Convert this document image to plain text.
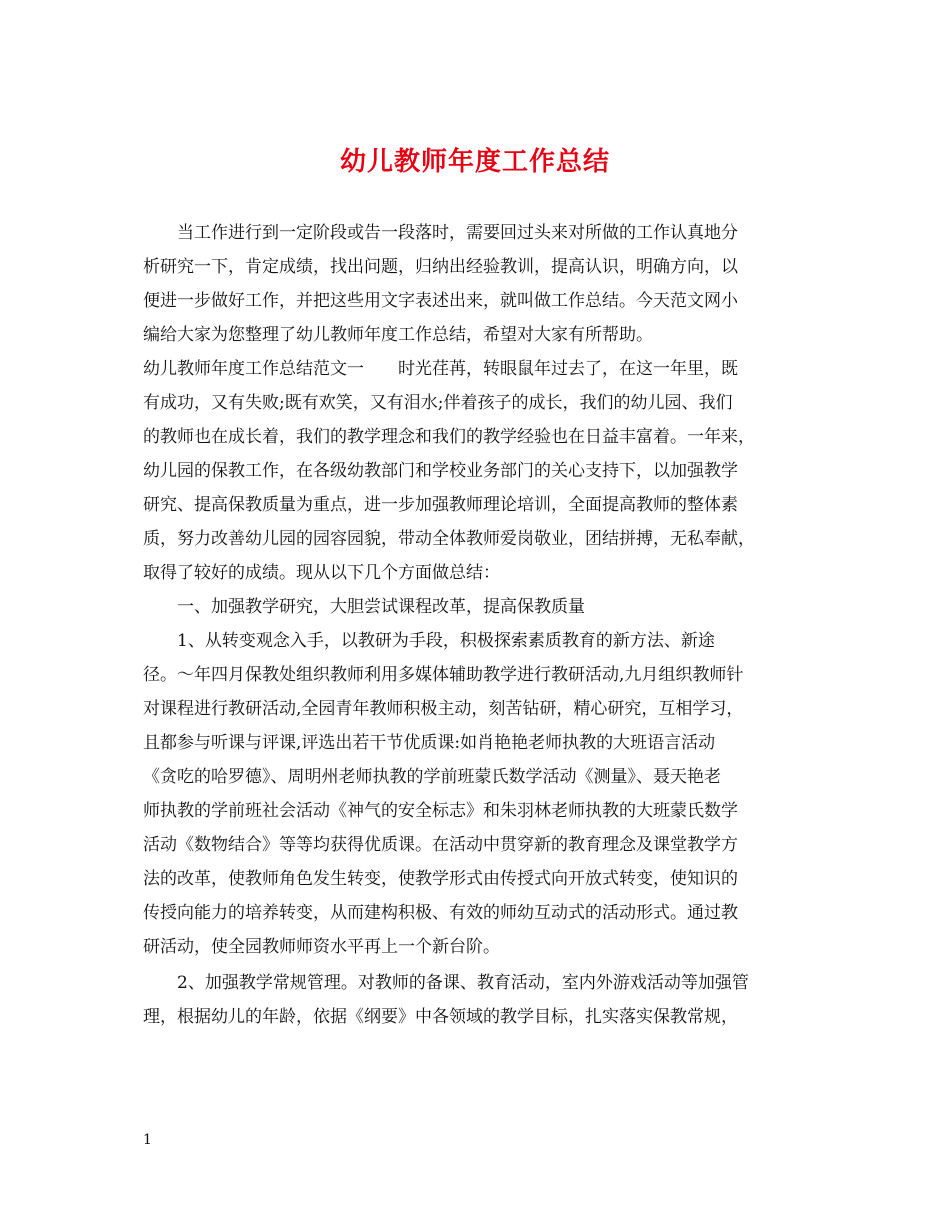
幼儿教师年度工作总结
当工作进行到一定阶段或告一段落时，需要回过头来对所做的工作认真地分
析研究一下，肯定成绩，找出问题，归纳出经验教训，提高认识，明确方向，以
便进一步做好工作，并把这些用文字表述出来，就叫做工作总结。今天范文网小
编给大家为您整理了幼儿教师年度工作总结，希望对大家有所帮助。
幼儿教师年度工作总结范文一　　时光荏苒，转眼鼠年过去了，在这一年里，既
有成功，又有失败;既有欢笑，又有泪水;伴着孩子的成长，我们的幼儿园、我们
的教师也在成长着，我们的教学理念和我们的教学经验也在日益丰富着。一年来，
幼儿园的保教工作，在各级幼教部门和学校业务部门的关心支持下，以加强教学
研究、提高保教质量为重点，进一步加强教师理论培训，全面提高教师的整体素
质，努力改善幼儿园的园容园貌，带动全体教师爱岗敬业，团结拼搏，无私奉献，
取得了较好的成绩。现从以下几个方面做总结：
一、加强教学研究，大胆尝试课程改革，提高保教质量
1、从转变观念入手，以教研为手段，积极探索素质教育的新方法、新途
径。～年四月保教处组织教师利用多媒体辅助教学进行教研活动,九月组织教师针
对课程进行教研活动,全园青年教师积极主动，刻苦钻研，精心研究，互相学习，
且都参与听课与评课,评选出若干节优质课:如肖艳艳老师执教的大班语言活动
《贪吃的哈罗德》、周明州老师执教的学前班蒙氏数学活动《测量》、聂天艳老
师执教的学前班社会活动《神气的安全标志》和朱羽林老师执教的大班蒙氏数学
活动《数物结合》等等均获得优质课。在活动中贯穿新的教育理念及课堂教学方
法的改革，使教师角色发生转变，使教学形式由传授式向开放式转变，使知识的
传授向能力的培养转变，从而建构积极、有效的师幼互动式的活动形式。通过教
研活动，使全园教师师资水平再上一个新台阶。
2、加强教学常规管理。对教师的备课、教育活动，室内外游戏活动等加强管
理，根据幼儿的年龄，依据《纲要》中各领域的教学目标，扎实落实保教常规，
1
